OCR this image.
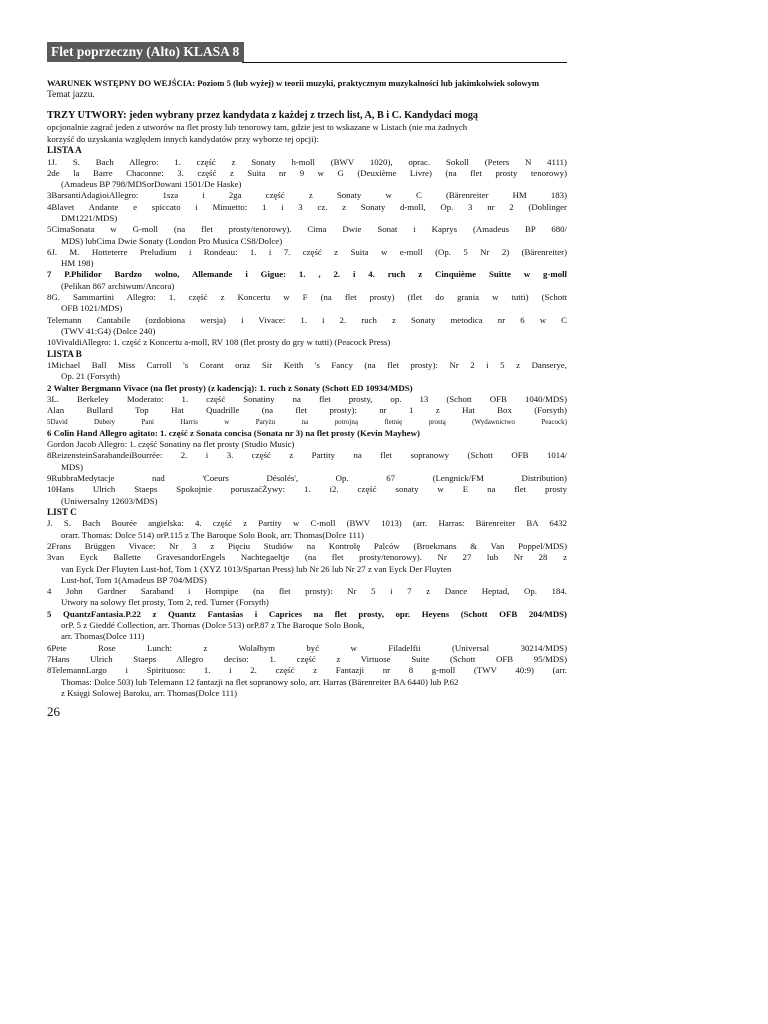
Flet poprzeczny (Alto) KLASA 8
WARUNEK WSTĘPNY DO WEJŚCIA: Poziom 5 (lub wyżej) w teorii muzyki, praktycznym muzykalności lub jakimkolwiek solowym
Temat jazzu.
TRZY UTWORY: jeden wybrany przez kandydata z każdej z trzech list, A, B i C. Kandydaci mogą
opcjonalnie zagrać jeden z utworów na flet prosty lub tenorowy tam, gdzie jest to wskazane w Listach (nie ma żadnych
korzyść do uzyskania względem innych kandydatów przy wyborze tej opcji):
LISTA A
1J. S. Bach Allegro: 1. część z Sonaty h-moll (BWV 1020), oprac. Sokoll (Peters N 4111)
2de la Barre Chaconne: 3. część z Suita nr 9 w G (Deuxième Livre) (na flet prosty tenorowy)
(Amadeus BP 798/MDSorDowani 1501/De Haske)
3BarsantiAdagioiAllegro: 1sza i 2ga część z Sonaty w C (Bärenreiter HM 183)
4Blavet Andante e spiccato i Minuetto: 1 i 3 cz. z Sonaty d-moll, Op. 3 nr 2 (Doblinger
DM1221/MDS)
5CimaSonata w G-moll (na flet prosty/tenorowy). Cima Dwie Sonat i Kaprys (Amadeus BP 680/
MDS) lubCima Dwie Sonaty (London Pro Musica CS8/Dolce)
6J. M. Hotteterre Preludium i Rondeau: 1. i 7. część z Suita w e-moll (Op. 5 Nr 2) (Bärenreiter)
HM 198)
7 P.Philidor Bardzo wolno, Allemande i Gigue: 1. , 2. i 4. ruch z Cinquième Suitte w g-moll
(Pelikan 867 archiwum/Ancora)
8G. Sammartini Allegro: 1. część z Koncertu w F (na flet prosty) (flet do grania w tutti) (Schott
OFB 1021/MDS)
Telemann Cantabile (ozdobiona wersja) i Vivace: 1. i 2. ruch z Sonaty metodica nr 6 w C
(TWV 41:G4) (Dolce 240)
10VivaldiAllegro: 1. część z Koncertu a-moll, RV 108 (flet prosty do gry w tutti) (Peacock Press)
LISTA B
1Michael Ball Miss Carroll 's Corant oraz Sir Keith 's Fancy (na flet prosty): Nr 2 i 5 z Danserye,
Op. 21 (Forsyth)
2 Walter Bergmann Vivace (na flet prosty) (z kadencją): 1. ruch z Sonaty (Schott ED 10934/MDS)
3L. Berkeley Moderato: 1. część Sonatiny na flet prosty, op. 13 (Schott OFB 1040/MDS)
Alan Bullard Top Hat Quadrille (na flet prosty): nr 1 z Hat Box (Forsyth)
5David Dubery Pani Harris w Paryżu na potrojną fletnię prostą (Wydawnictwo Peacock)
6 Colin Hand Allegro agitato: 1. część z Sonata concisa (Sonata nr 3) na flet prosty (Kevin Mayhew)
Gordon Jacob Allegro: 1. część Sonatiny na flet prosty (Studio Music)
8ReizensteinSarabandeiBourrée: 2. i 3. część z Partity na flet sopranowy (Schott OFB 1014/
MDS)
9RubbraMedytacje nad 'Coeurs Désolés', Op. 67 (Lengnick/FM Distribution)
10Hans Ulrich Staeps Spokojnie poruszaćŻywy: 1. i2. część sonaty w E na flet prosty
(Uniwersalny 12603/MDS)
LIST C
J. S. Bach Bourée angielska: 4. część z Partity w C-moll (BWV 1013) (arr. Harras: Bärenreiter BA 6432
orarr. Thomas: Dolce 514) orP.115 z The Baroque Solo Book, arr. Thomas(Dolce 111)
2Frans Brüggen Vivace: Nr 3 z Pięciu Studiów na Kontrolę Palców (Broekmans & Van Poppel/MDS)
3van Eyck Ballette GravesandorEngels Nachtegaeltje (na flet prosty/tenorowy). Nr 27 lub Nr 28 z
van Eyck Der Fluyten Lust-hof, Tom 1 (XYZ 1013/Spartan Press) lub Nr 26 lub Nr 27 z van Eyck Der Fluyten
Lust-hof, Tom 1(Amadeus BP 704/MDS)
4 John Gardner Saraband i Hornpipe (na flet prosty): Nr 5 i 7 z Dance Heptad, Op. 184.
Utwory na solowy flet prosty, Tom 2, red. Turner (Forsyth)
5 QuantzFantasia.P.22 z Quantz Fantasias i Caprices na flet prosty, opr. Heyens (Schott OFB 204/MDS)
orP. 5 z Gieddé Collection, arr. Thomas (Dolce 513) orP.87 z The Baroque Solo Book,
arr. Thomas(Dolce 111)
6Pete Rose Lunch: z Wolałbym być w Filadelfii (Universal 30214/MDS)
7Hans Ulrich Staeps Allegro deciso: 1. część z Virtuose Suite (Schott OFB 95/MDS)
8TelemannLargo i Spirituoso: 1. i 2. część z Fantazji nr 8 g-moll (TWV 40:9) (arr.
Thomas: Dolce 503) lub Telemann 12 fantazji na flet sopranowy solo, arr. Harras (Bärenreiter BA 6440) lub P.62
z Księgi Solowej Baroku, arr. Thomas(Dolce 111)
26
